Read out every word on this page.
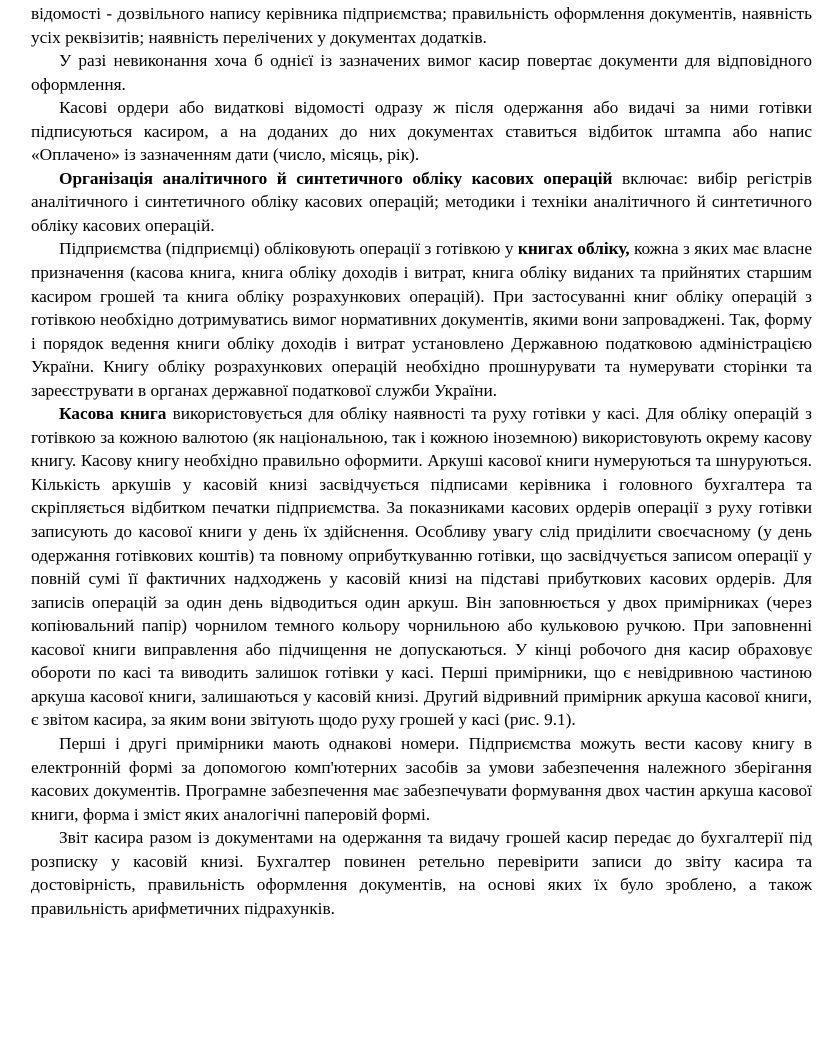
відомості - дозвільного напису керівника підприємства; правильність оформлення документів, наявність усіх реквізитів; наявність перелічених у документах додатків.

У разі невиконання хоча б однієї із зазначених вимог касир повертає документи для відповідного оформлення.

Касові ордери або видаткові відомості одразу ж після одержання або видачі за ними готівки підписуються касиром, а на доданих до них документах ставиться відбиток штампа або напис «Оплачено» із зазначенням дати (число, місяць, рік).

Організація аналітичного й синтетичного обліку касових операцій включає: вибір регістрів аналітичного і синтетичного обліку касових операцій; методики і техніки аналітичного й синтетичного обліку касових операцій.

Підприємства (підприємці) обліковують операції з готівкою у книгах обліку, кожна з яких має власне призначення (касова книга, книга обліку доходів і витрат, книга обліку виданих та прийнятих старшим касиром грошей та книга обліку розрахункових операцій). При застосуванні книг обліку операцій з готівкою необхідно дотримуватись вимог нормативних документів, якими вони запроваджені. Так, форму і порядок ведення книги обліку доходів і витрат установлено Державною податковою адміністрацією України. Книгу обліку розрахункових операцій необхідно прошнурувати та нумерувати сторінки та зареєструвати в органах державної податкової служби України.

Касова книга використовується для обліку наявності та руху готівки у касі. Для обліку операцій з готівкою за кожною валютою (як національною, так і кожною іноземною) використовують окрему касову книгу. Касову книгу необхідно правильно оформити. Аркуші касової книги нумеруються та шнуруються. Кількість аркушів у касовій книзі засвідчується підписами керівника і головного бухгалтера та скріпляється відбитком печатки підприємства. За показниками касових ордерів операції з руху готівки записують до касової книги у день їх здійснення. Особливу увагу слід приділити своєчасному (у день одержання готівкових коштів) та повному оприбуткуванню готівки, що засвідчується записом операції у повній сумі її фактичних надходжень у касовій книзі на підставі прибуткових касових ордерів. Для записів операцій за один день відводиться один аркуш. Він заповнюється у двох примірниках (через копіювальний папір) чорнилом темного кольору чорнильною або кульковою ручкою. При заповненні касової книги виправлення або підчищення не допускаються. У кінці робочого дня касир обраховує обороти по касі та виводить залишок готівки у касі. Перші примірники, що є невідривною частиною аркуша касової книги, залишаються у касовій книзі. Другий відривний примірник аркуша касової книги, є звітом касира, за яким вони звітують щодо руху грошей у касі (рис. 9.1).

Перші і другі примірники мають однакові номери. Підприємства можуть вести касову книгу в електронній формі за допомогою комп'ютерних засобів за умови забезпечення належного зберігання касових документів. Програмне забезпечення має забезпечувати формування двох частин аркуша касової книги, форма і зміст яких аналогічні паперовій формі.

Звіт касира разом із документами на одержання та видачу грошей касир передає до бухгалтерії під розписку у касовій книзі. Бухгалтер повинен ретельно перевірити записи до звіту касира та достовірність, правильність оформлення документів, на основі яких їх було зроблено, а також правильність арифметичних підрахунків.
